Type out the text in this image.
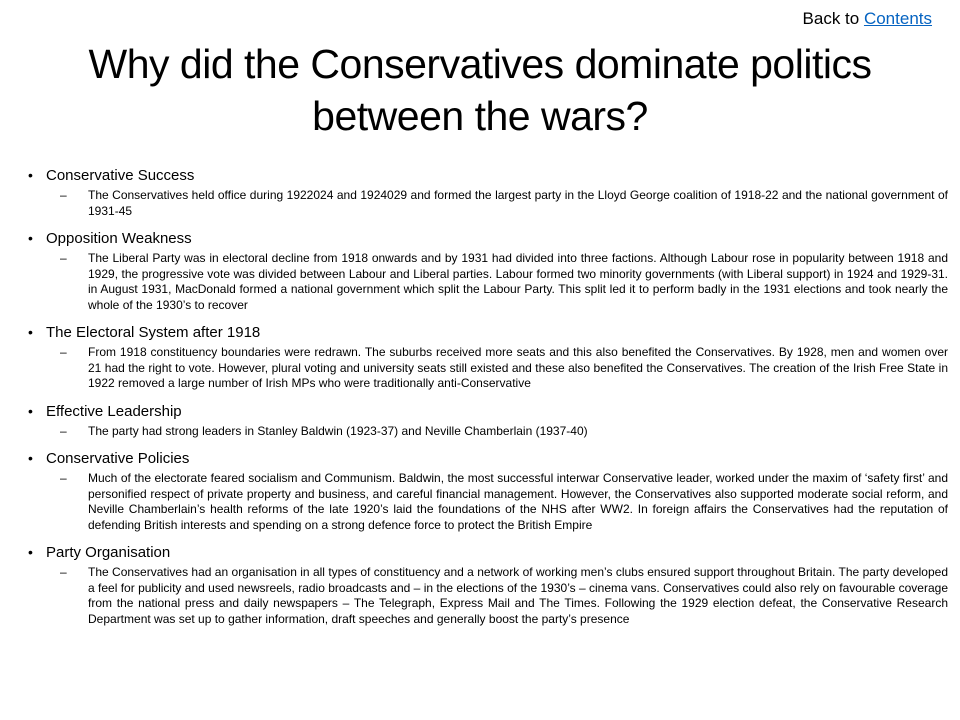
Back to Contents
Why did the Conservatives dominate politics between the wars?
• Conservative Success
– The Conservatives held office during 1922024 and 1924029 and formed the largest party in the Lloyd George coalition of 1918-22 and the national government of 1931-45
• Opposition Weakness
– The Liberal Party was in electoral decline from 1918 onwards and by 1931 had divided into three factions. Although Labour rose in popularity between 1918 and 1929, the progressive vote was divided between Labour and Liberal parties. Labour formed two minority governments (with Liberal support) in 1924 and 1929-31. in August 1931, MacDonald formed a national government which split the Labour Party. This split led it to perform badly in the 1931 elections and took nearly the whole of the 1930’s to recover
• The Electoral System after 1918
– From 1918 constituency boundaries were redrawn. The suburbs received more seats and this also benefited the Conservatives. By 1928, men and women over 21 had the right to vote. However, plural voting and university seats still existed and these also benefited the Conservatives. The creation of the Irish Free State in 1922 removed a large number of Irish MPs who were traditionally anti-Conservative
• Effective Leadership
– The party had strong leaders in Stanley Baldwin (1923-37) and Neville Chamberlain (1937-40)
• Conservative Policies
– Much of the electorate feared socialism and Communism. Baldwin, the most successful interwar Conservative leader, worked under the maxim of ‘safety first’ and personified respect of private property and business, and careful financial management. However, the Conservatives also supported moderate social reform, and Neville Chamberlain’s health reforms of the late 1920’s laid the foundations of the NHS after WW2. In foreign affairs the Conservatives had the reputation of defending British interests and spending on a strong defence force to protect the British Empire
• Party Organisation
– The Conservatives had an organisation in all types of constituency and a network of working men’s clubs ensured support throughout Britain. The party developed a feel for publicity and used newsreels, radio broadcasts and – in the elections of the 1930’s – cinema vans. Conservatives could also rely on favourable coverage from the national press and daily newspapers – The Telegraph, Express Mail and The Times. Following the 1929 election defeat, the Conservative Research Department was set up to gather information, draft speeches and generally boost the party’s presence
